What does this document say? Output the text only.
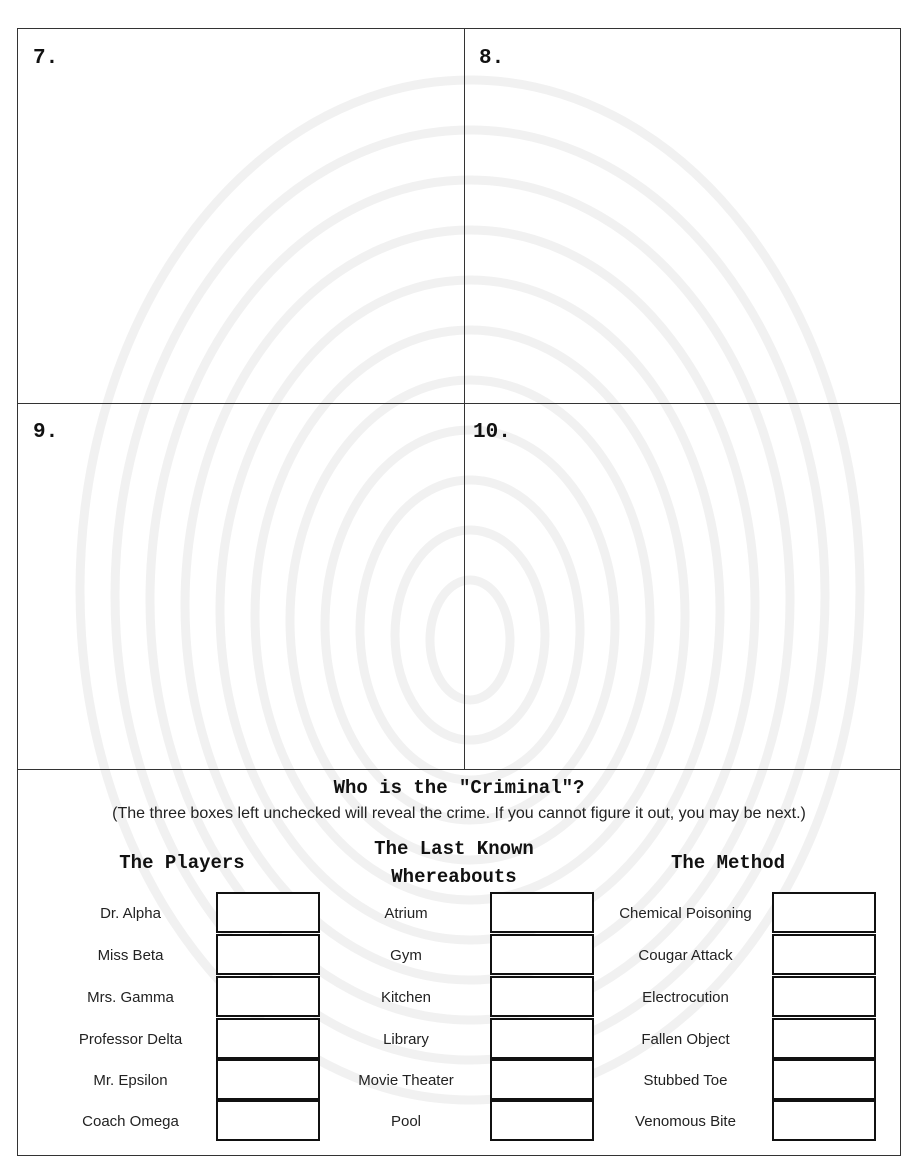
7.	8.
9.	10.
Who is the "Criminal"?
(The three boxes left unchecked will reveal the crime. If you cannot figure it out, you may be next.)
The Players
The Last Known
Whereabouts
The Method
Dr. Alpha
Miss Beta
Mrs. Gamma
Professor Delta
Mr. Epsilon
Coach Omega
Atrium
Gym
Kitchen
Library
Movie Theater
Pool
Chemical Poisoning
Cougar Attack
Electrocution
Fallen Object
Stubbed Toe
Venomous Bite
